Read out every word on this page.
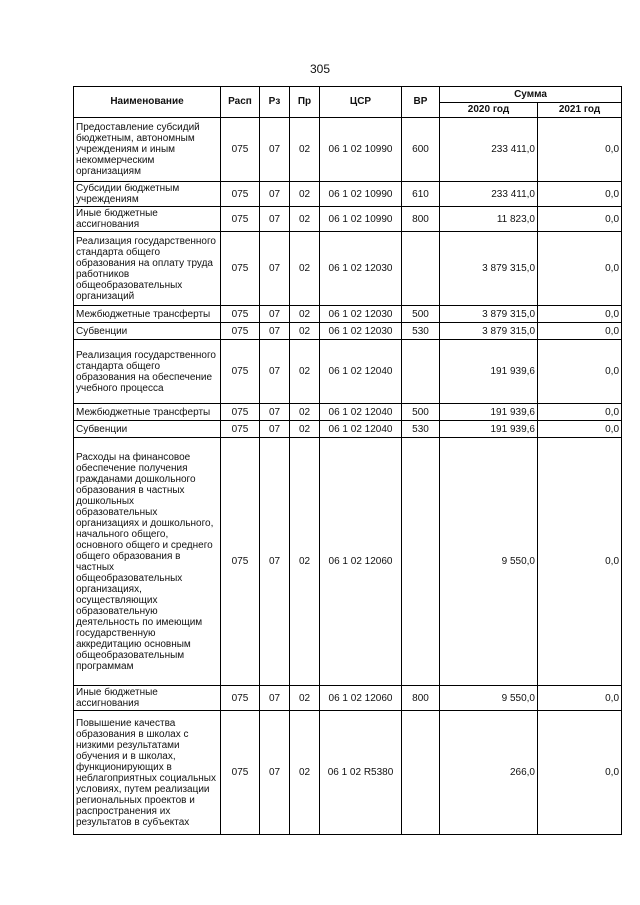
305
Наименование	Расп	Рз	Пр	ЦСР	ВР	Сумма	
						2020 год	2021 год
Предоставление субсидий бюджетным, автономным учреждениям и иным некоммерческим организациям	075	07	02	06 1 02 10990	600	233 411,0	0,0

Субсидии бюджетным учреждениям	075	07	02	06 1 02 10990	610	233 411,0	0,0

Иные бюджетные ассигнования	075	07	02	06 1 02 10990	800	11 823,0	0,0

Реализация государственного стандарта общего образования на оплату труда работников общеобразовательных организаций	075	07	02	06 1 02 12030		3 879 315,0	0,0

Межбюджетные трансферты	075	07	02	06 1 02 12030	500	3 879 315,0	0,0

Субвенции	075	07	02	06 1 02 12030	530	3 879 315,0	0,0

Реализация государственного стандарта общего образования на обеспечение учебного процесса	075	07	02	06 1 02 12040		191 939,6	0,0

Межбюджетные трансферты	075	07	02	06 1 02 12040	500	191 939,6	0,0

Субвенции	075	07	02	06 1 02 12040	530	191 939,6	0,0

Расходы на финансовое обеспечение получения гражданами дошкольного образования в частных дошкольных образовательных организациях и дошкольного, начального общего, основного общего и среднего общего образования в частных общеобразовательных организациях, осуществляющих образовательную деятельность по имеющим государственную аккредитацию основным общеобразовательным программам	075	07	02	06 1 02 12060		9 550,0	0,0

Иные бюджетные ассигнования	075	07	02	06 1 02 12060	800	9 550,0	0,0

Повышение качества образования в школах с низкими результатами обучения и в школах, функционирующих в неблагоприятных социальных условиях, путем реализации региональных проектов и распространения их результатов в субъектах	075	07	02	06 1 02 R5380		266,0	0,0
